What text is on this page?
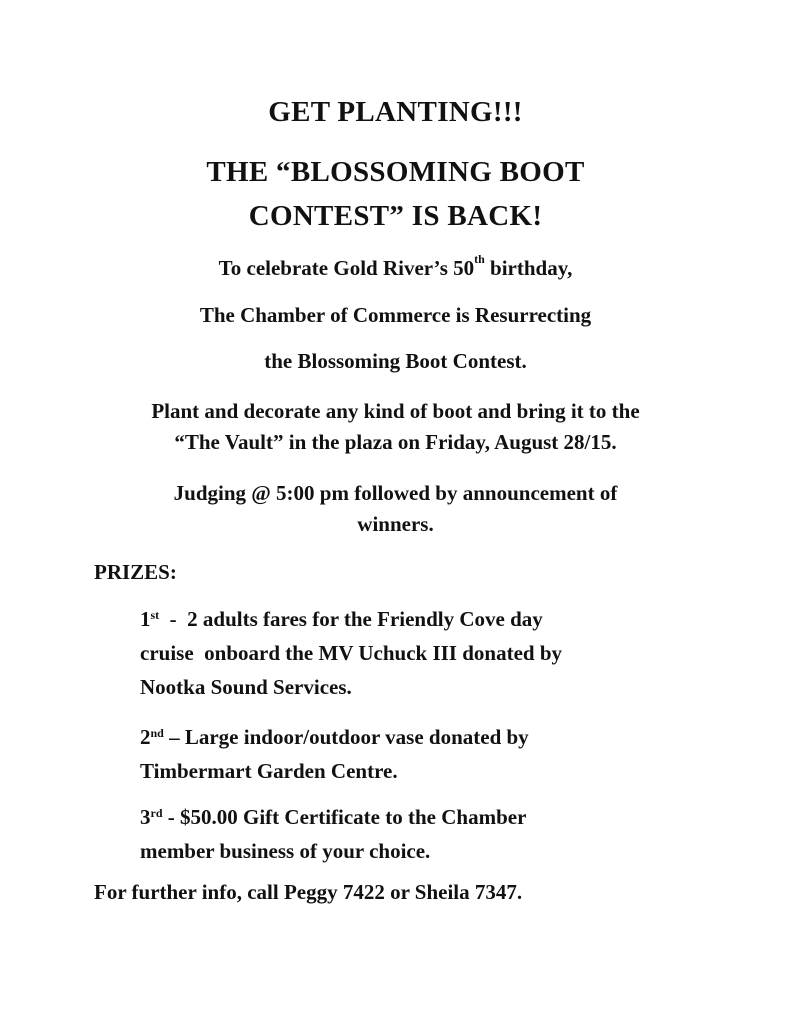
GET PLANTING!!!
THE “BLOSSOMING BOOT
CONTEST” IS BACK!
To celebrate Gold River’s 50th birthday,
The Chamber of Commerce is Resurrecting
the Blossoming Boot Contest.
Plant and decorate any kind of boot and bring it to the
“The Vault” in the plaza on Friday, August 28/15.
Judging @ 5:00 pm followed by announcement of
winners.
PRIZES:
1st  -  2 adults fares for the Friendly Cove day
cruise  onboard the MV Uchuck III donated by
Nootka Sound Services.
2nd – Large indoor/outdoor vase donated by
Timbermart Garden Centre.
3rd - $50.00 Gift Certificate to the Chamber
member business of your choice.
For further info, call Peggy 7422 or Sheila 7347.
